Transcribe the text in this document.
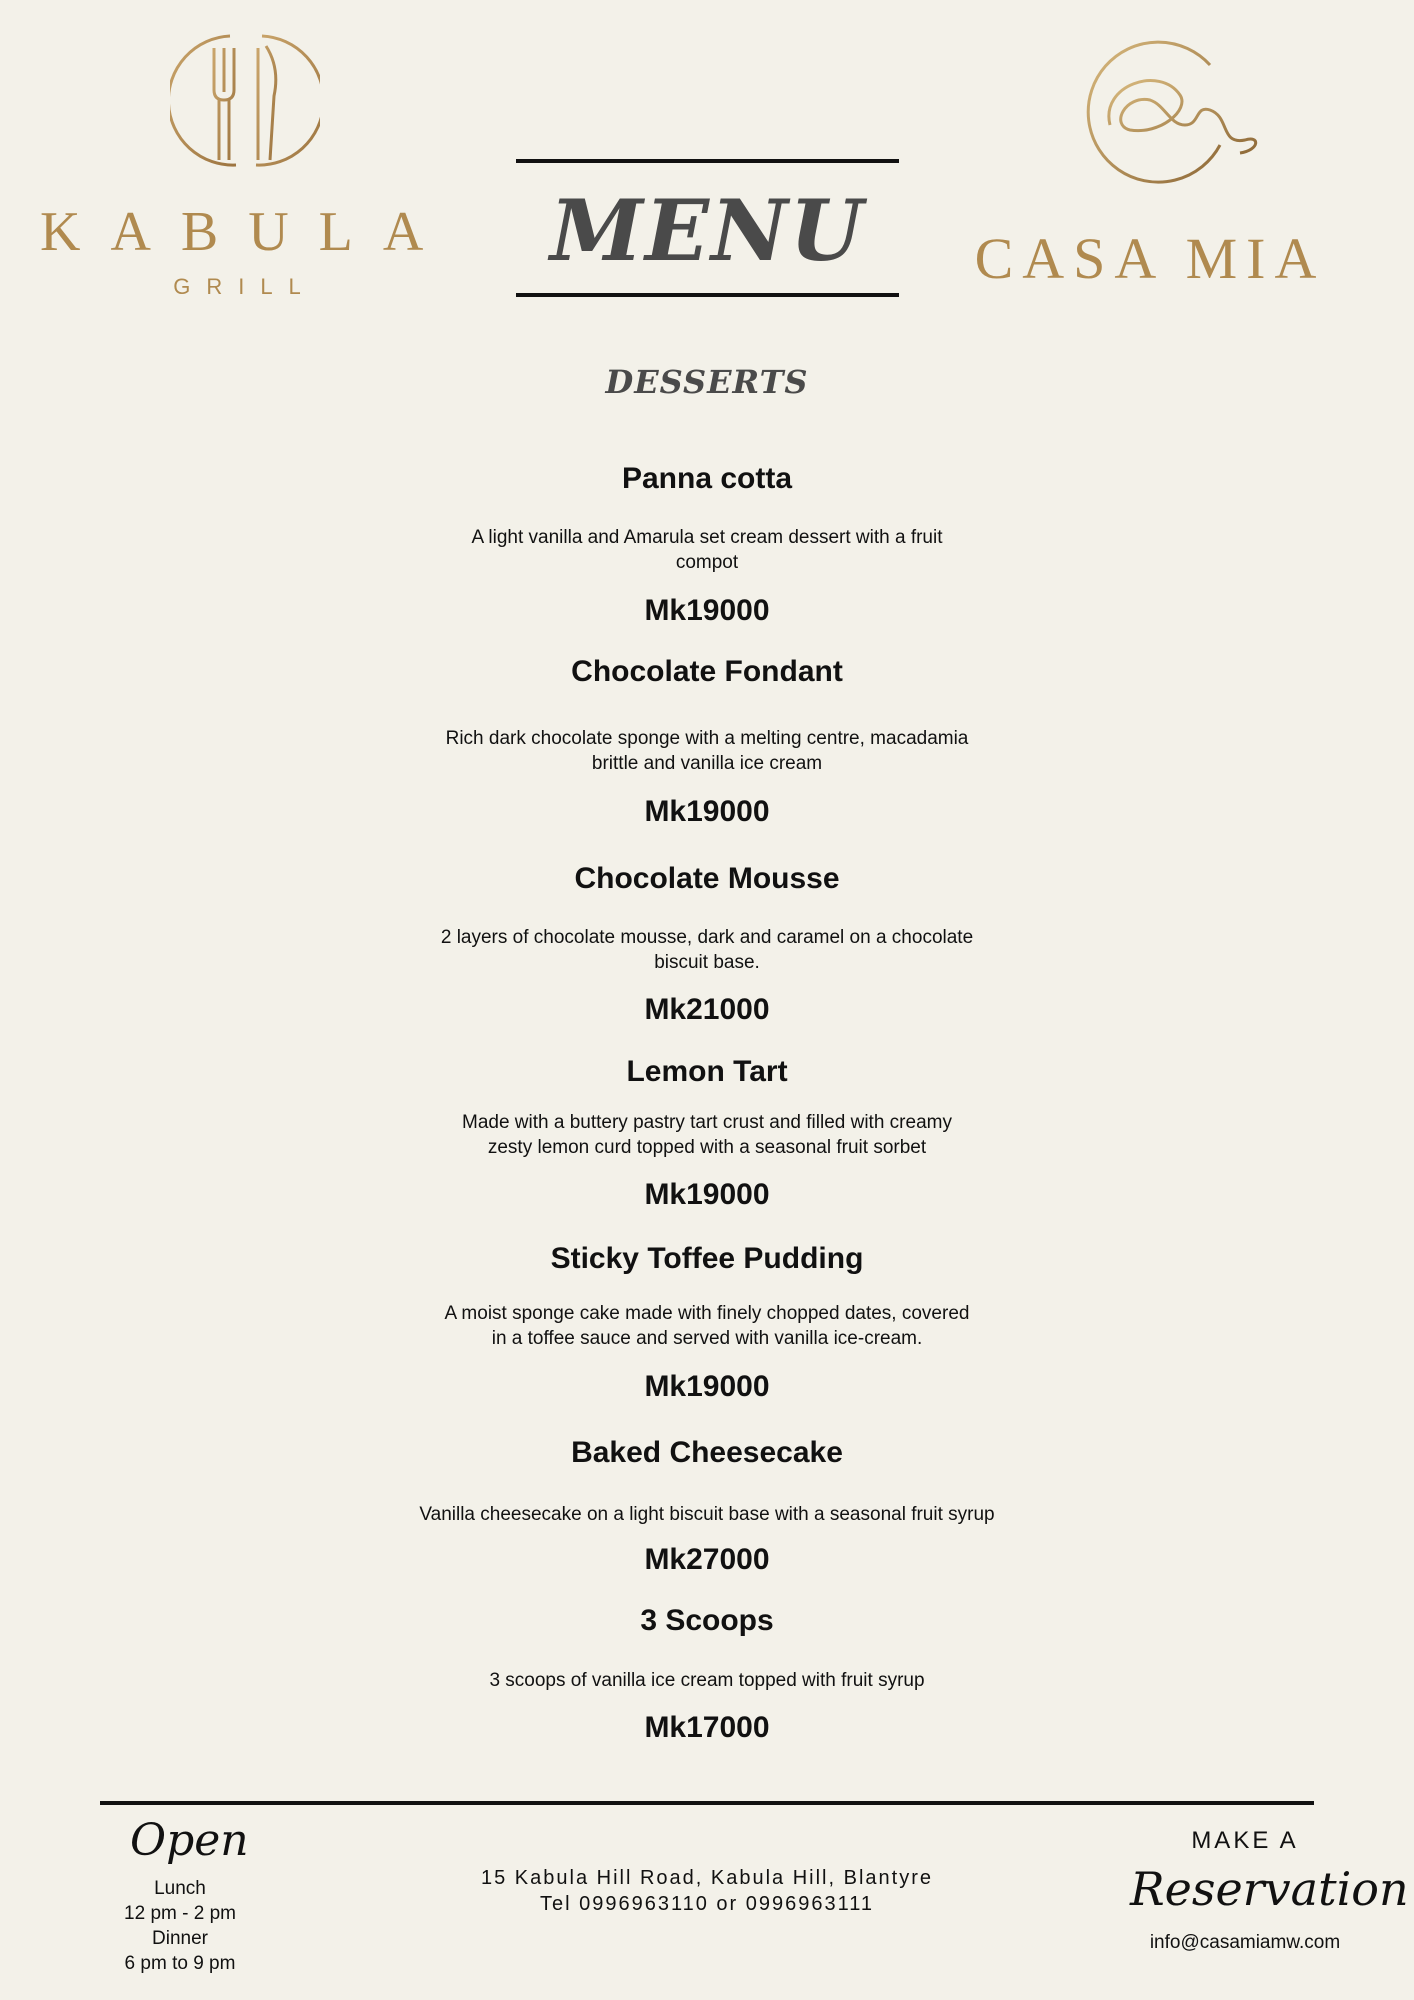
KABULA
GRILL
MENU	CASA MIA
DESSERTS
Panna cotta
A light vanilla and Amarula set cream dessert with a fruit
compot
Mk19000
Chocolate Fondant
Rich dark chocolate sponge with a melting centre, macadamia
brittle and vanilla ice cream
Mk19000
Chocolate Mousse
2 layers of chocolate mousse, dark and caramel on a chocolate
biscuit base.
Mk21000
Lemon Tart
Made with a buttery pastry tart crust and filled with creamy
zesty lemon curd topped with a seasonal fruit sorbet
Mk19000
Sticky Toffee Pudding
A moist sponge cake made with finely chopped dates, covered
in a toffee sauce and served with vanilla ice-cream.
Mk19000
Baked Cheesecake
Vanilla cheesecake on a light biscuit base with a seasonal fruit syrup
Mk27000
3 Scoops
3 scoops of vanilla ice cream topped with fruit syrup
Mk17000
Open
Lunch
12 pm - 2 pm
Dinner
6 pm to 9 pm
15 Kabula Hill Road, Kabula Hill, Blantyre
Tel 0996963110 or 0996963111
MAKE A
Reservation
info@casamiamw.com
